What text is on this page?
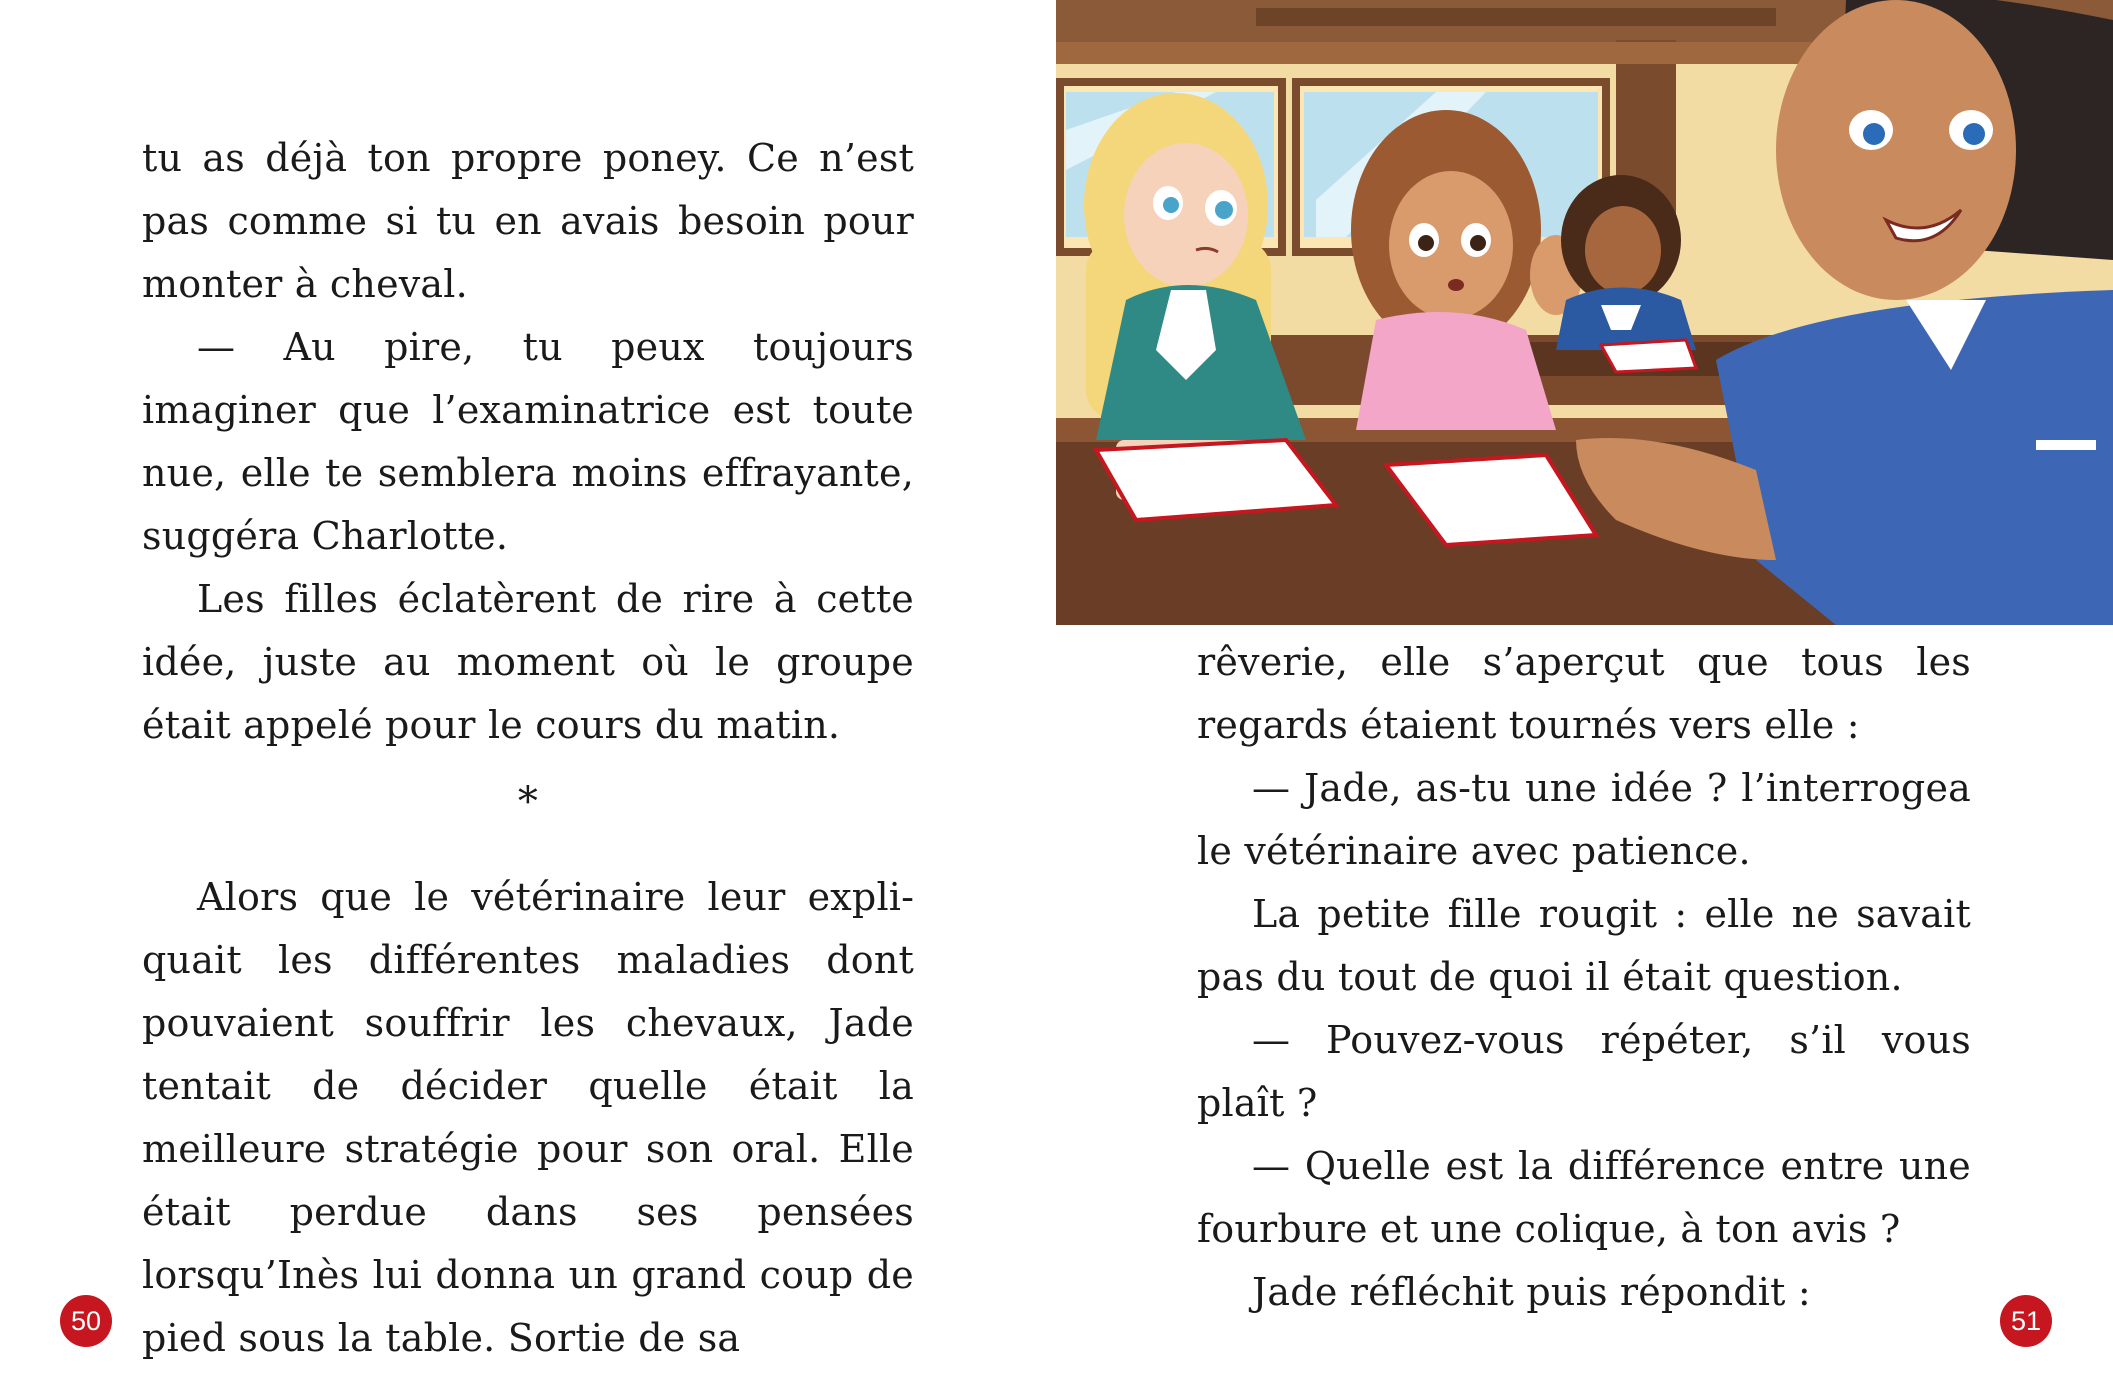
tu as déjà ton propre poney. Ce n’est pas comme si tu en avais besoin pour monter à cheval.

— Au pire, tu peux toujours imaginer que l’examinatrice est toute nue, elle te semblera moins effrayante, suggéra Charlotte.

Les filles éclatèrent de rire à cette idée, juste au moment où le groupe était appelé pour le cours du matin.

*

Alors que le vétérinaire leur expliquait les différentes maladies dont pouvaient souffrir les chevaux, Jade tentait de décider quelle était la meilleure stratégie pour son oral. Elle était perdue dans ses pensées lorsqu’Inès lui donna un grand coup de pied sous la table. Sortie de sa

50

rêverie, elle s’aperçut que tous les regards étaient tournés vers elle :

— Jade, as-tu une idée ? l’interrogea le vétérinaire avec patience.

La petite fille rougit : elle ne savait pas du tout de quoi il était question.

— Pouvez-vous répéter, s’il vous plaît ?

— Quelle est la différence entre une fourbure et une colique, à ton avis ?

Jade réfléchit puis répondit :

51
